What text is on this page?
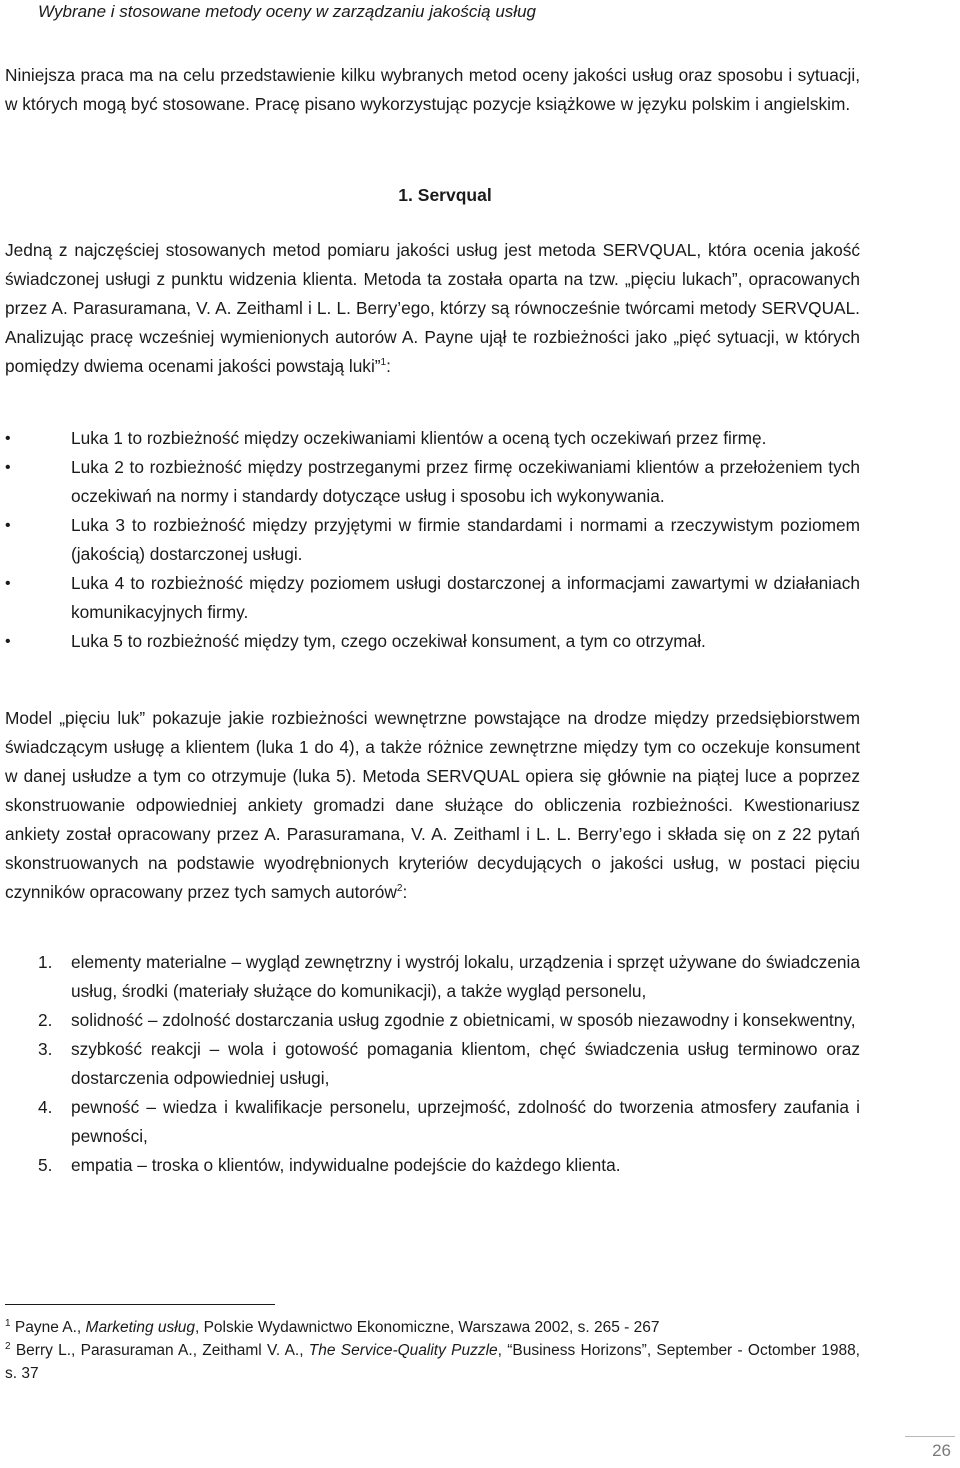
Wybrane i stosowane metody oceny w zarządzaniu jakością usług

Niniejsza praca ma na celu przedstawienie kilku wybranych metod oceny jakości usług oraz sposobu i sytuacji, w których mogą być stosowane. Pracę pisano wykorzystując pozycje książkowe w języku polskim i angielskim.

1. Servqual

Jedną z najczęściej stosowanych metod pomiaru jakości usług jest metoda SERVQUAL, która ocenia jakość świadczonej usługi z punktu widzenia klienta. Metoda ta została oparta na tzw. „pięciu lukach”, opracowanych przez A. Parasuramana, V. A. Zeithaml i L. L. Berry’ego, którzy są równocześnie twórcami metody SERVQUAL. Analizując pracę wcześniej wymienionych autorów A. Payne ujął te rozbieżności jako „pięć sytuacji, w których pomiędzy dwiema ocenami jakości powstają luki”$^1$:

•	Luka 1 to rozbieżność między oczekiwaniami klientów a oceną tych oczekiwań przez firmę.
•	Luka 2 to rozbieżność między postrzeganymi przez firmę oczekiwaniami klientów a przełożeniem tych oczekiwań na normy i standardy dotyczące usług i sposobu ich wykonywania.
•	Luka 3 to rozbieżność między przyjętymi w firmie standardami i normami a rzeczywistym poziomem (jakością) dostarczonej usługi.
•	Luka 4 to rozbieżność między poziomem usługi dostarczonej a informacjami zawartymi w działaniach komunikacyjnych firmy.
•	Luka 5 to rozbieżność między tym, czego oczekiwał konsument, a tym co otrzymał.

Model „pięciu luk” pokazuje jakie rozbieżności wewnętrzne powstające na drodze między przedsiębiorstwem świadczącym usługę a klientem (luka 1 do 4), a także różnice zewnętrzne między tym co oczekuje konsument w danej usłudze a tym co otrzymuje (luka 5). Metoda SERVQUAL opiera się głównie na piątej luce a poprzez skonstruowanie odpowiedniej ankiety gromadzi dane służące do obliczenia rozbieżności. Kwestionariusz ankiety został opracowany przez A. Parasuramana, V. A. Zeithaml i L. L. Berry’ego i składa się on z 22 pytań skonstruowanych na podstawie wyodrębnionych kryteriów decydujących o jakości usług, w postaci pięciu czynników opracowany przez tych samych autorów$^2$:

1. elementy materialne – wygląd zewnętrzny i wystrój lokalu, urządzenia i sprzęt używane do świadczenia usług, środki (materiały służące do komunikacji), a także wygląd personelu,
2. solidność – zdolność dostarczania usług zgodnie z obietnicami, w sposób niezawodny i konsekwentny,
3. szybkość reakcji – wola i gotowość pomagania klientom, chęć świadczenia usług terminowo oraz dostarczenia odpowiedniej usługi,
4. pewność – wiedza i kwalifikacje personelu, uprzejmość, zdolność do tworzenia atmosfery zaufania i pewności,
5. empatia – troska o klientów, indywidualne podejście do każdego klienta.

$^1$ Payne A., Marketing usług, Polskie Wydawnictwo Ekonomiczne, Warszawa 2002, s. 265 - 267

$^2$ Berry L., Parasuraman A., Zeithaml V. A., The Service-Quality Puzzle, “Business Horizons”, September - Octomber 1988, s. 37

26
